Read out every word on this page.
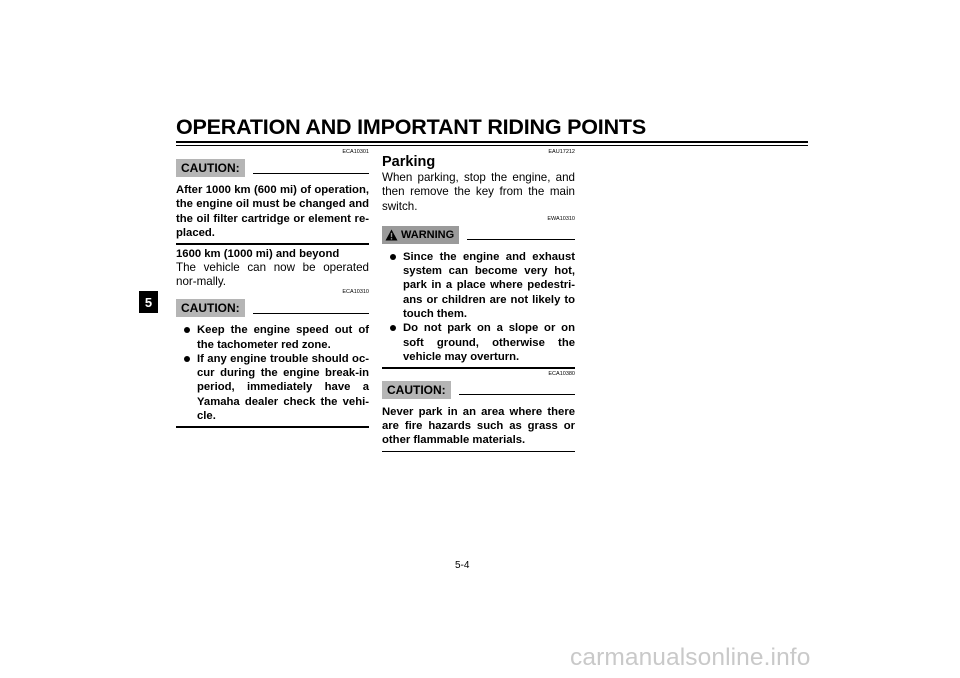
OPERATION AND IMPORTANT RIDING POINTS
5
ECA10301
CAUTION:
After 1000 km (600 mi) of operation, the engine oil must be changed and the oil filter cartridge or element re-placed.
1600 km (1000 mi) and beyond
The vehicle can now be operated nor-mally.
ECA10310
CAUTION:
Keep the engine speed out of the tachometer red zone.
If any engine trouble should oc-cur during the engine break-in period, immediately have a Yamaha dealer check the vehi-cle.
EAU17212
Parking
When parking, stop the engine, and then remove the key from the main switch.
EWA10310
WARNING
Since the engine and exhaust system can become very hot, park in a place where pedestri-ans or children are not likely to touch them.
Do not park on a slope or on soft ground, otherwise the vehicle may overturn.
ECA10380
CAUTION:
Never park in an area where there are fire hazards such as grass or other flammable materials.
5-4
carmanualsonline.info
